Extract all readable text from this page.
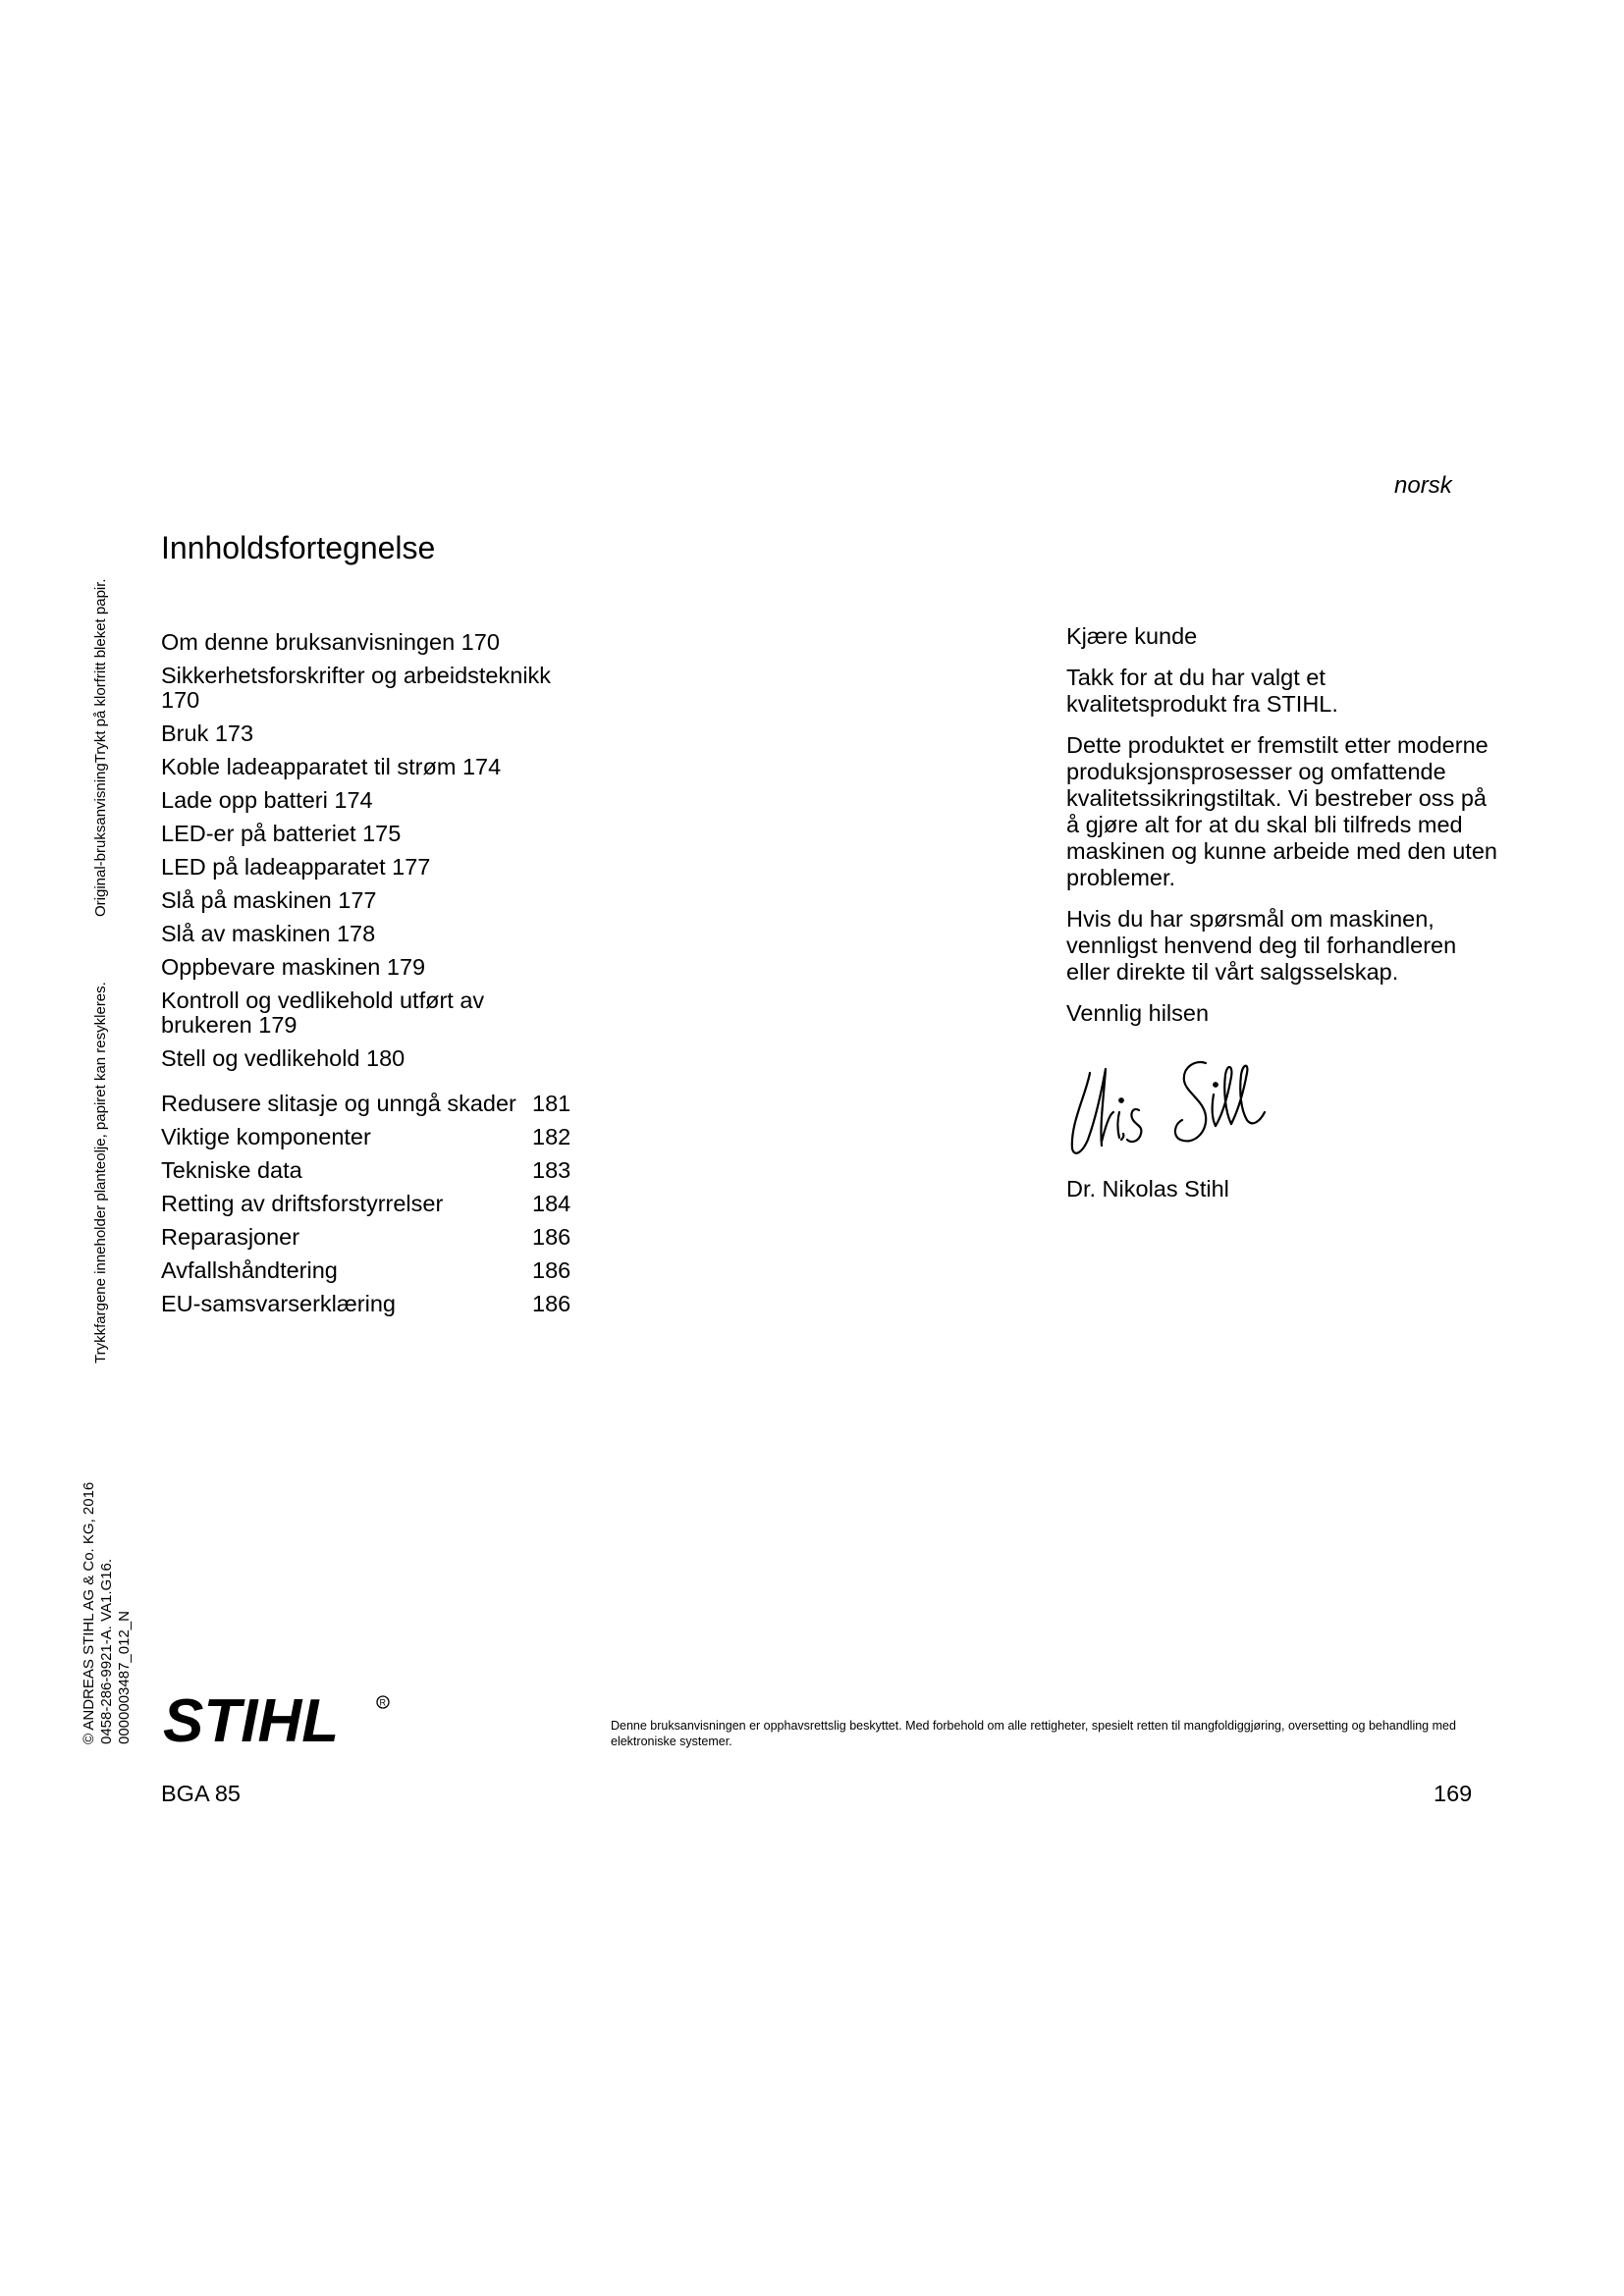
norsk
Innholdsfortegnelse
Om denne bruksanvisningen 170
Sikkerhetsforskrifter og arbeidsteknikk 170
Bruk 173
Koble ladeapparatet til strøm 174
Lade opp batteri 174
LED-er på batteriet 175
LED på ladeapparatet 177
Slå på maskinen 177
Slå av maskinen 178
Oppbevare maskinen 179
Kontroll og vedlikehold utført av brukeren 179
Stell og vedlikehold 180
Redusere slitasje og unngå skader 181
Viktige komponenter	182
Tekniske data	183
Retting av driftsforstyrrelser	184
Reparasjoner	186
Avfallshåndtering	186
EU-samsvarserklæring	186

Kjære kunde

Takk for at du har valgt et kvalitetsprodukt fra STIHL.

Dette produktet er fremstilt etter moderne produksjonsprosesser og omfattende kvalitetssikringstiltak. Vi bestreber oss på å gjøre alt for at du skal bli tilfreds med maskinen og kunne arbeide med den uten problemer.

Hvis du har spørsmål om maskinen, vennligst henvend deg til forhandleren eller direkte til vårt salgsselskap.

Vennlig hilsen

Dr. Nikolas Stihl
Original-bruksanvisningTrykt på klorfritt bleket papir.
Trykkfargene inneholder planteolje, papiret kan resykleres.
© ANDREAS STIHL AG & Co. KG, 2016 0458-286-9921-A. VA1.G16. 0000003487_012_N STIHL	R
Denne bruksanvisningen er opphavsrettslig beskyttet. Med forbehold om alle rettigheter, spesielt retten til mangfoldiggjøring, oversetting og behandling med elektroniske systemer.
BGA 85	169
